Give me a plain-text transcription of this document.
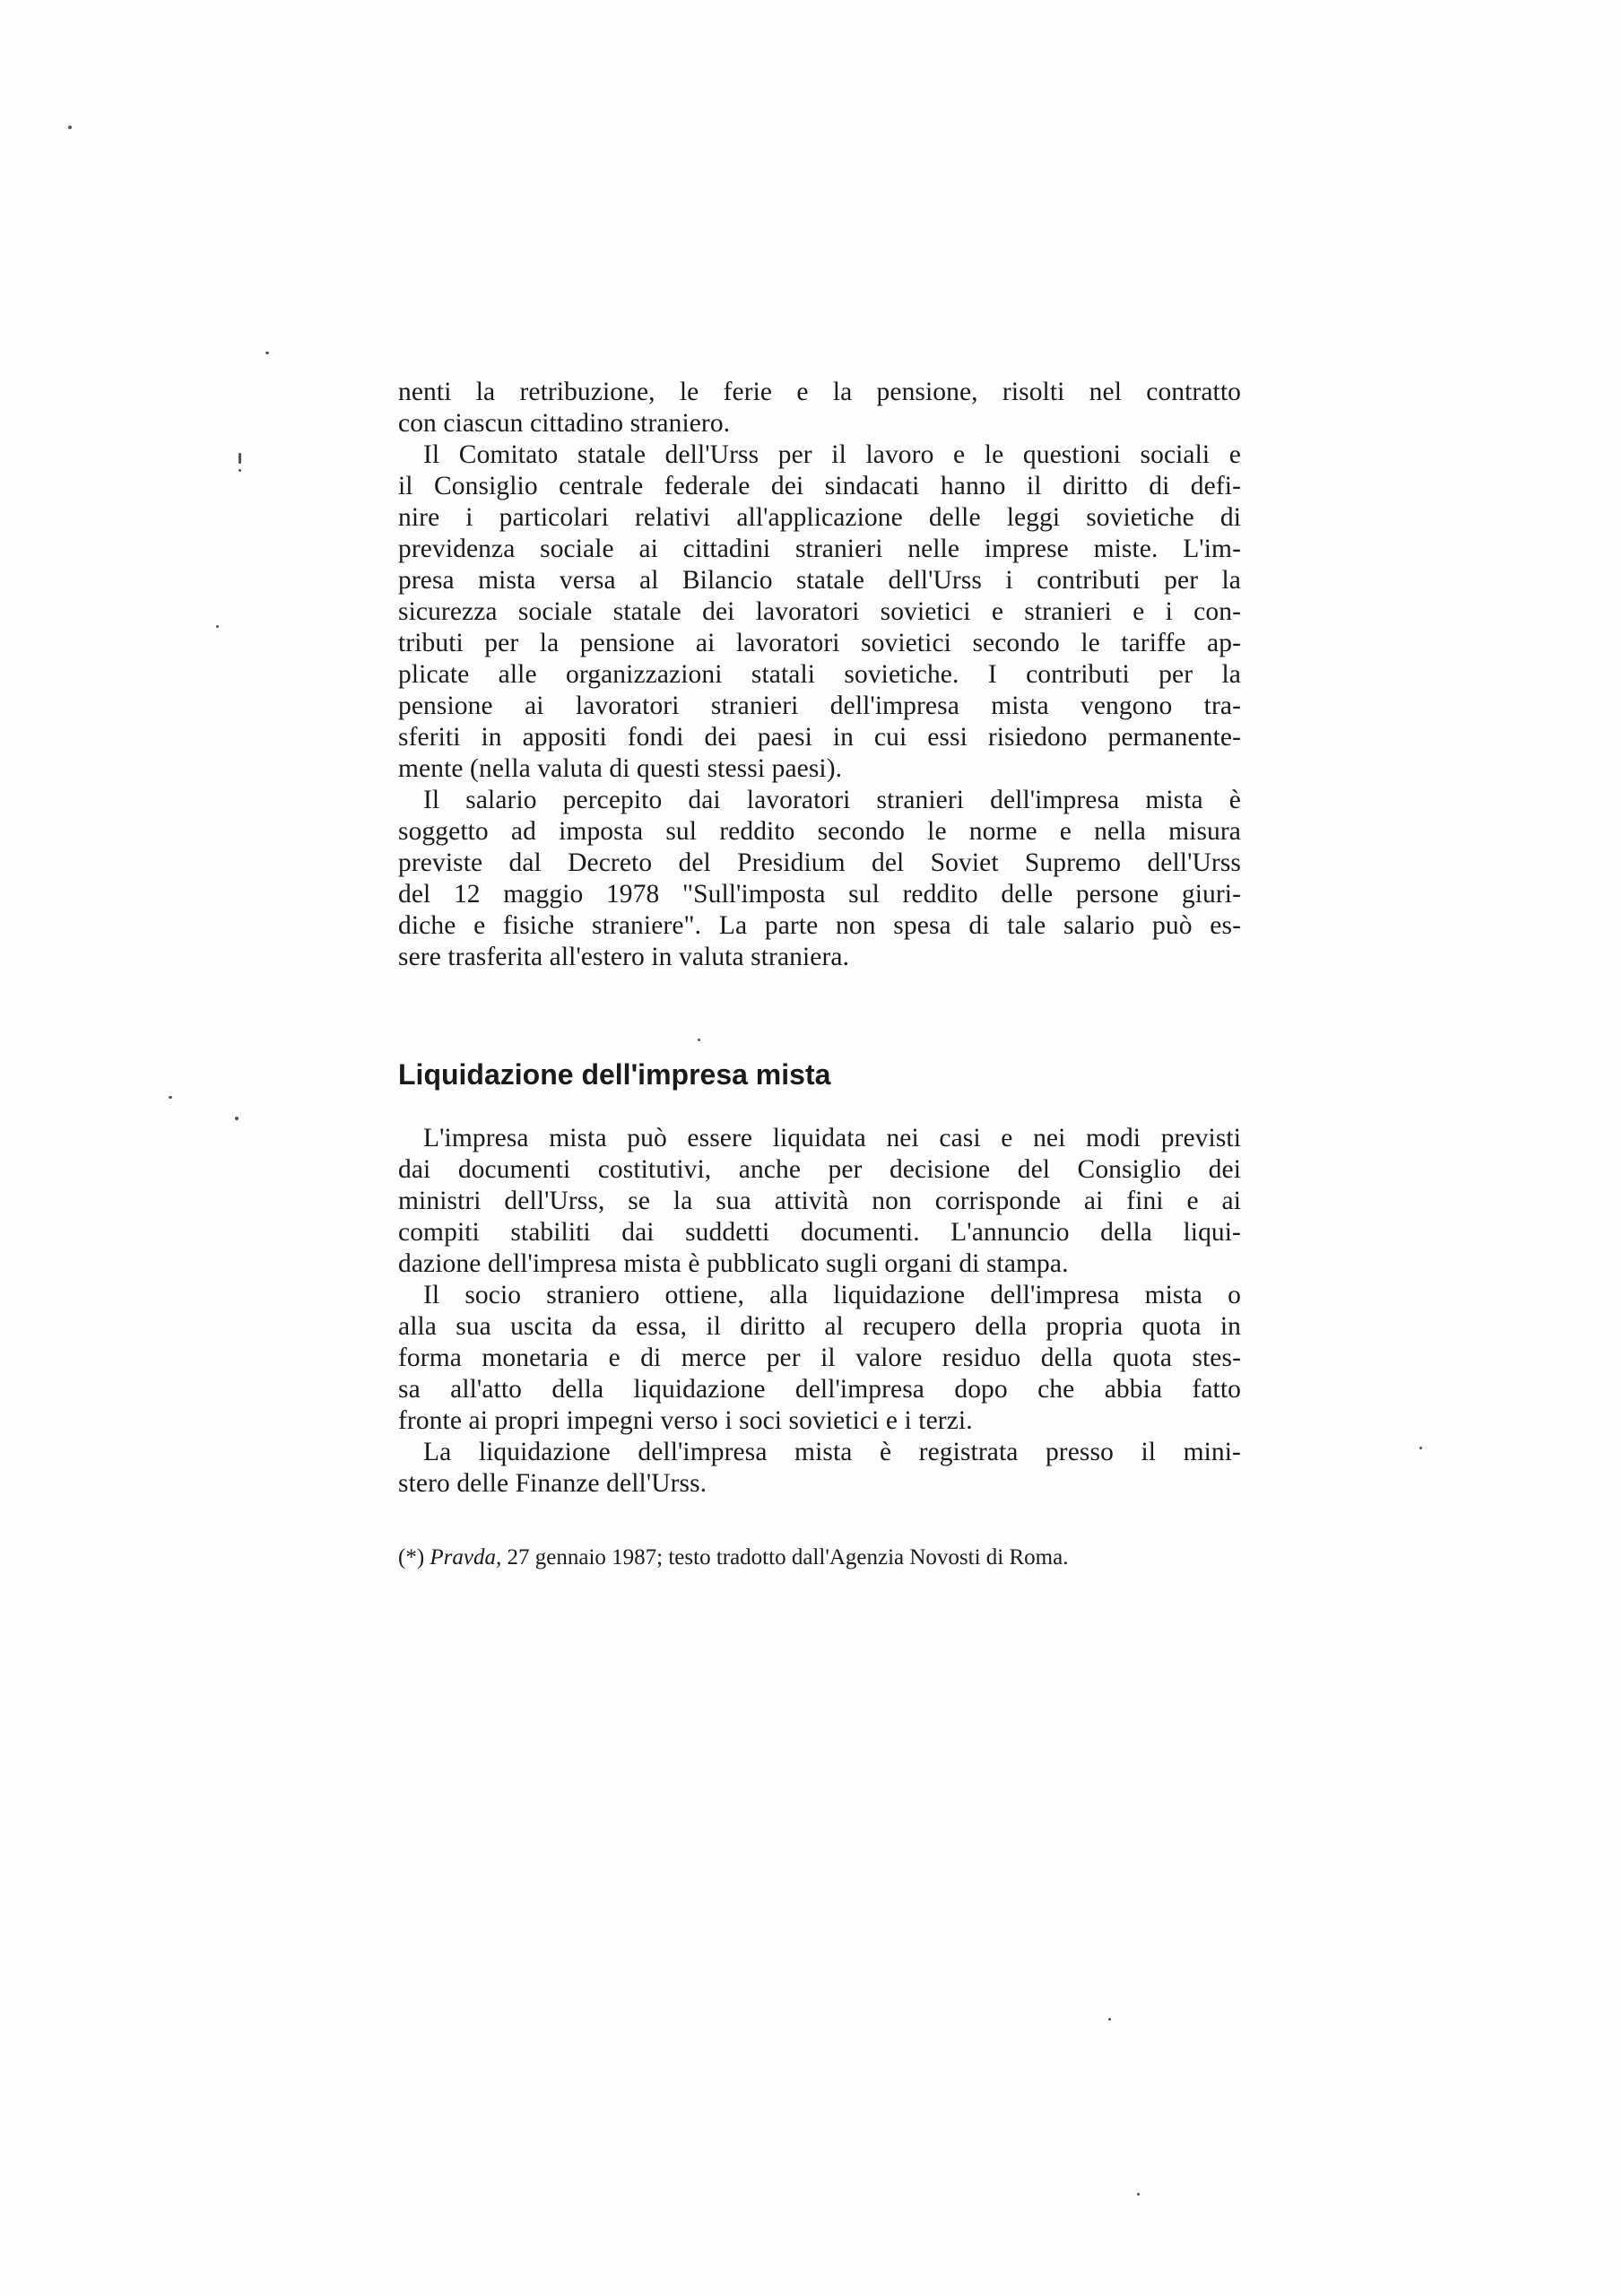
nenti la retribuzione, le ferie e la pensione, risolti nel contratto
con ciascun cittadino straniero.
Il Comitato statale dell'Urss per il lavoro e le questioni sociali e
il Consiglio centrale federale dei sindacati hanno il diritto di defi-
nire i particolari relativi all'applicazione delle leggi sovietiche di
previdenza sociale ai cittadini stranieri nelle imprese miste. L'im-
presa mista versa al Bilancio statale dell'Urss i contributi per la
sicurezza sociale statale dei lavoratori sovietici e stranieri e i con-
tributi per la pensione ai lavoratori sovietici secondo le tariffe ap-
plicate alle organizzazioni statali sovietiche. I contributi per la
pensione ai lavoratori stranieri dell'impresa mista vengono tra-
sferiti in appositi fondi dei paesi in cui essi risiedono permanente-
mente (nella valuta di questi stessi paesi).
Il salario percepito dai lavoratori stranieri dell'impresa mista è
soggetto ad imposta sul reddito secondo le norme e nella misura
previste dal Decreto del Presidium del Soviet Supremo dell'Urss
del 12 maggio 1978 "Sull'imposta sul reddito delle persone giuri-
diche e fisiche straniere". La parte non spesa di tale salario può es-
sere trasferita all'estero in valuta straniera.
Liquidazione dell'impresa mista
L'impresa mista può essere liquidata nei casi e nei modi previsti
dai documenti costitutivi, anche per decisione del Consiglio dei
ministri dell'Urss, se la sua attività non corrisponde ai fini e ai
compiti stabiliti dai suddetti documenti. L'annuncio della liqui-
dazione dell'impresa mista è pubblicato sugli organi di stampa.
Il socio straniero ottiene, alla liquidazione dell'impresa mista o
alla sua uscita da essa, il diritto al recupero della propria quota in
forma monetaria e di merce per il valore residuo della quota stes-
sa all'atto della liquidazione dell'impresa dopo che abbia fatto
fronte ai propri impegni verso i soci sovietici e i terzi.
La liquidazione dell'impresa mista è registrata presso il mini-
stero delle Finanze dell'Urss.
(*) Pravda, 27 gennaio 1987; testo tradotto dall'Agenzia Novosti di Roma.
